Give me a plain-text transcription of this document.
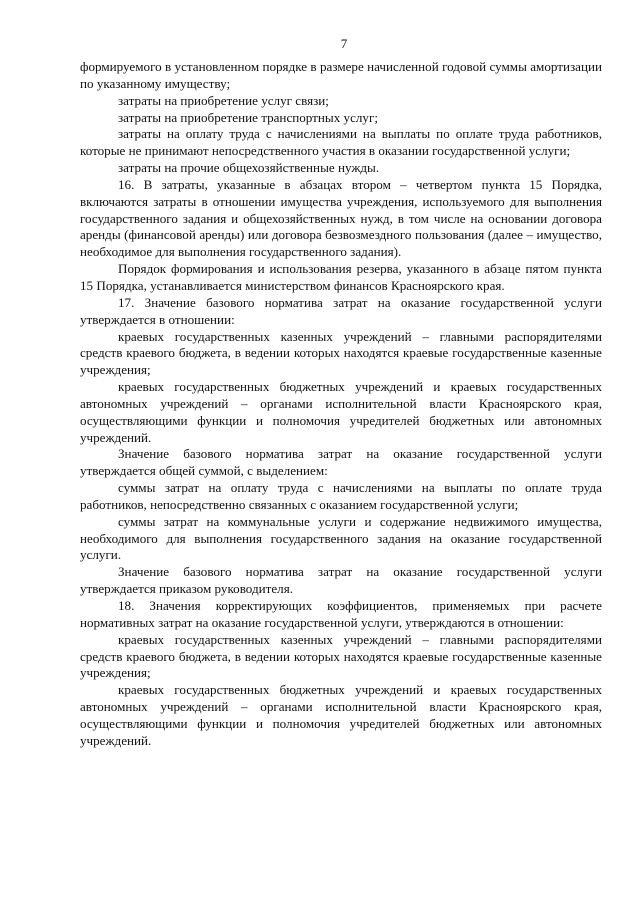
7

формируемого в установленном порядке в размере начисленной годовой суммы амортизации по указанному имуществу;

затраты на приобретение услуг связи;

затраты на приобретение транспортных услуг;

затраты на оплату труда с начислениями на выплаты по оплате труда работников, которые не принимают непосредственного участия в оказании государственной услуги;

затраты на прочие общехозяйственные нужды.

16. В затраты, указанные в абзацах втором – четвертом пункта 15 Порядка, включаются затраты в отношении имущества учреждения, используемого для выполнения государственного задания и общехозяйственных нужд, в том числе на основании договора аренды (финансовой аренды) или договора безвозмездного пользования (далее – имущество, необходимое для выполнения государственного задания).

Порядок формирования и использования резерва, указанного в абзаце пятом пункта 15 Порядка, устанавливается министерством финансов Красноярского края.

17. Значение базового норматива затрат на оказание государственной услуги утверждается в отношении:

краевых государственных казенных учреждений – главными распорядителями средств краевого бюджета, в ведении которых находятся краевые государственные казенные учреждения;

краевых государственных бюджетных учреждений и краевых государственных автономных учреждений – органами исполнительной власти Красноярского края, осуществляющими функции и полномочия учредителей бюджетных или автономных учреждений.

Значение базового норматива затрат на оказание государственной услуги утверждается общей суммой, с выделением:

суммы затрат на оплату труда с начислениями на выплаты по оплате труда работников, непосредственно связанных с оказанием государственной услуги;

суммы затрат на коммунальные услуги и содержание недвижимого имущества, необходимого для выполнения государственного задания на оказание государственной услуги.

Значение базового норматива затрат на оказание государственной услуги утверждается приказом руководителя.

18. Значения корректирующих коэффициентов, применяемых при расчете нормативных затрат на оказание государственной услуги, утверждаются в отношении:

краевых государственных казенных учреждений – главными распорядителями средств краевого бюджета, в ведении которых находятся краевые государственные казенные учреждения;

краевых государственных бюджетных учреждений и краевых государственных автономных учреждений – органами исполнительной власти Красноярского края, осуществляющими функции и полномочия учредителей бюджетных или автономных учреждений.
